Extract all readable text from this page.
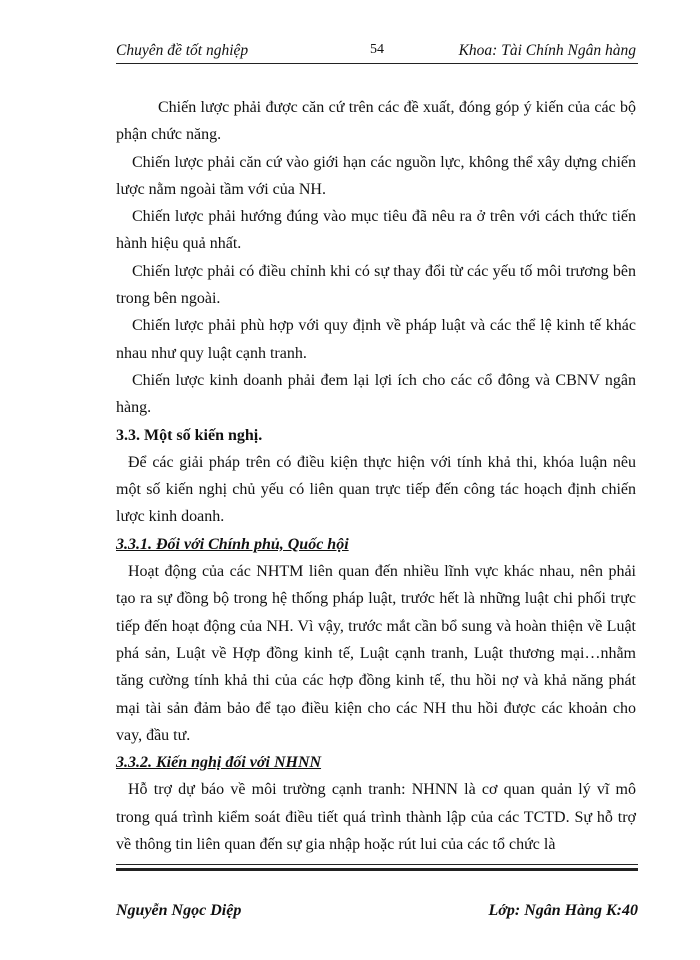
Chuyên đề tốt nghiệp	54	Khoa: Tài Chính Ngân hàng

Chiến lược phải được căn cứ trên các đề xuất, đóng góp ý kiến của các bộ phận chức năng.

Chiến lược phải căn cứ vào giới hạn các nguồn lực, không thể xây dựng chiến lược nằm ngoài tầm với của NH.

Chiến lược phải hướng đúng vào mục tiêu đã nêu ra ở trên với cách thức tiến hành hiệu quả nhất.

Chiến lược phải có điều chỉnh khi có sự thay đổi từ các yếu tố môi trương bên trong bên ngoài.

Chiến lược phải phù hợp với quy định về pháp luật và các thể lệ kinh tế khác nhau như quy luật cạnh tranh.

Chiến lược kinh doanh phải đem lại lợi ích cho các cổ đông và CBNV ngân hàng.

3.3. Một số kiến nghị.

Để các giải pháp trên có điều kiện thực hiện với tính khả thi, khóa luận nêu một số kiến nghị chủ yếu có liên quan trực tiếp đến công tác hoạch định chiến lược kinh doanh.

3.3.1. Đối với Chính phủ, Quốc hội

Hoạt động của các NHTM liên quan đến nhiều lĩnh vực khác nhau, nên phải tạo ra sự đồng bộ trong hệ thống pháp luật, trước hết là những luật chi phối trực tiếp đến hoạt động của NH. Vì vậy, trước mắt cần bổ sung và hoàn thiện về Luật phá sản, Luật về Hợp đồng kinh tế, Luật cạnh tranh, Luật thương mại…nhằm tăng cường tính khả thi của các hợp đồng kinh tế, thu hồi nợ và khả năng phát mại tài sản đảm bảo để tạo điều kiện cho các NH thu hồi được các khoản cho vay, đầu tư.

3.3.2. Kiến nghị đối với NHNN

Hỗ trợ dự báo về môi trường cạnh tranh: NHNN là cơ quan quản lý vĩ mô trong quá trình kiểm soát điều tiết quá trình thành lập của các TCTD. Sự hỗ trợ về thông tin liên quan đến sự gia nhập hoặc rút lui của các tổ chức là

Nguyễn Ngọc Diệp	Lớp: Ngân Hàng K:40
